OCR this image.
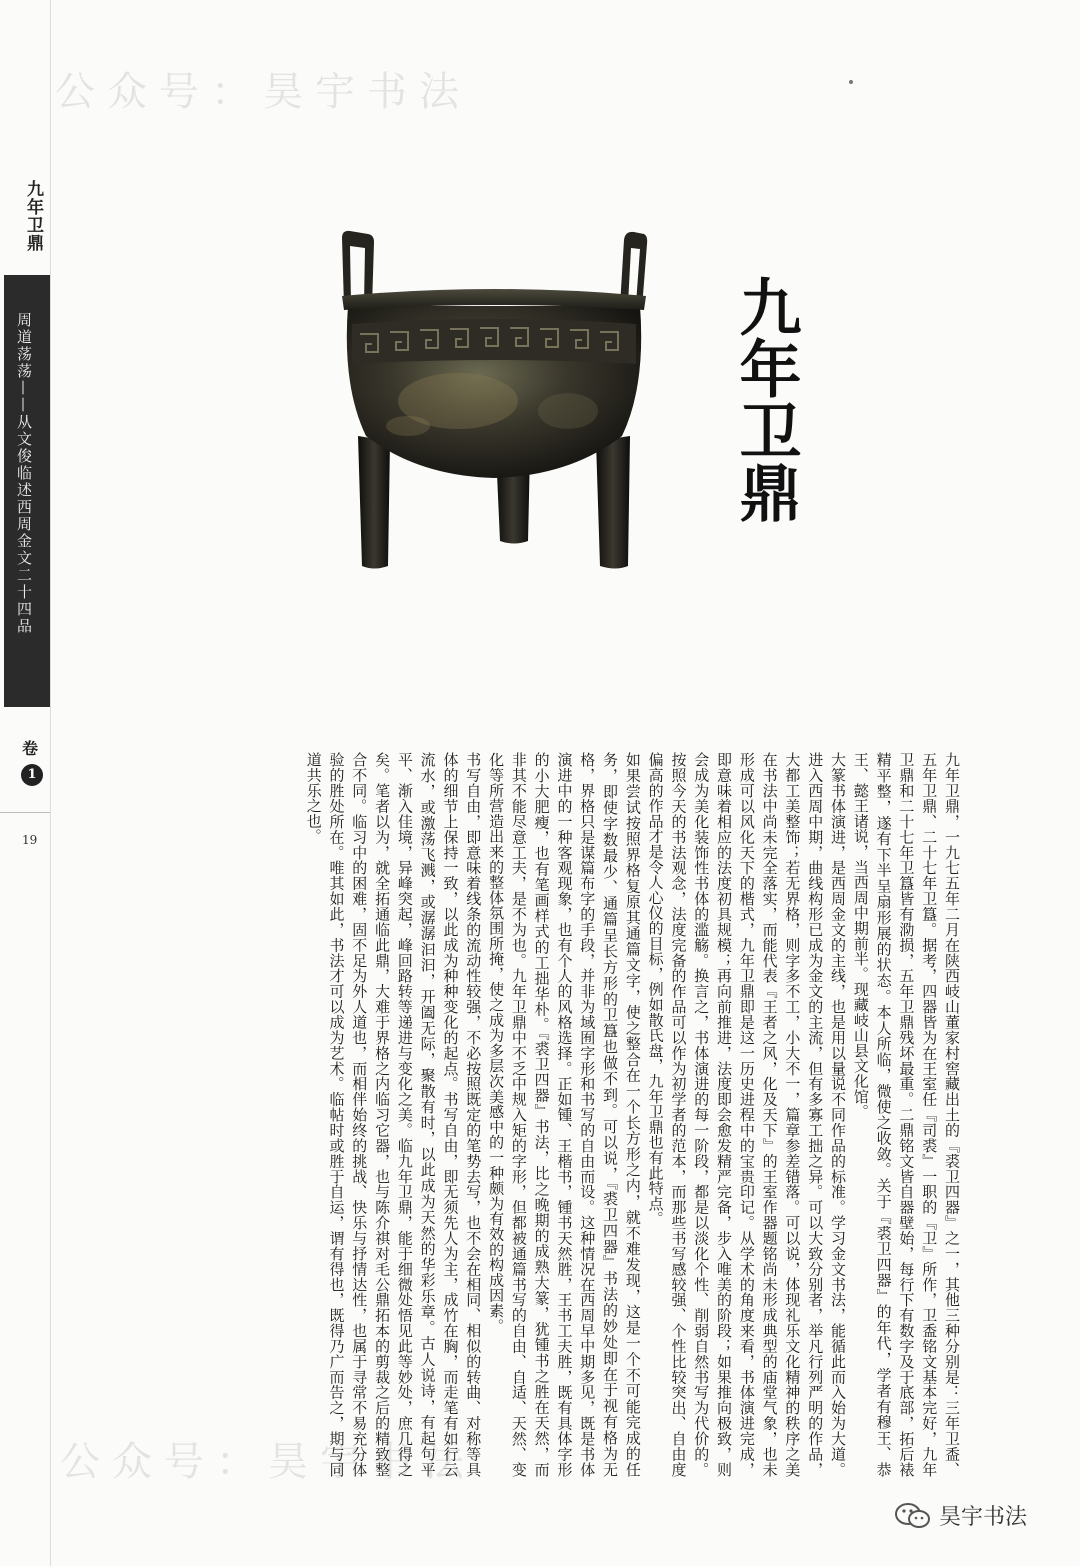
九年卫鼎
周道荡荡——从文俊临述西周金文二十四品
卷
1
19
公众号：昊宇书法
公众号：昊宇书法
九年卫鼎

九年卫鼎，一九七五年二月在陕西岐山董家村窖藏出土的『裘卫四器』之一，其他三种分别是：三年卫盉、五年卫鼎、二十七年卫簋。据考，四器皆为在王室任『司裘』一职的『卫』所作，卫盉铭文基本完好，九年卫鼎和二十七年卫簋皆有泐损，五年卫鼎残坏最重。二鼎铭文皆自器壁始，每行下有数字及于底部，拓后裱精平整，遂有下半呈扇形展的状态。本人所临，微使之收敛。关于『裘卫四器』的年代，学者有穆王、恭王、懿王诸说，当西周中期前半。现藏岐山县文化馆。

大篆书体演进，是西周金文的主线，也是用以量说不同作品的标准。学习金文书法，能循此而入始为大道。进入西周中期，曲线构形已成为金文的主流，但有多寡工拙之异。可以大致分别者，举凡行列严明的作品，大都工美整饰；若无界格，则字多不工，小大不一，篇章参差错落。可以说，体现礼乐文化精神的秩序之美在书法中尚未完全落实，而能代表『王者之风，化及天下』的王室作器题铭尚未形成典型的庙堂气象，也未形成可以风化天下的楷式，九年卫鼎即是这一历史进程中的宝贵印记。从学术的角度来看，书体演进完成，即意味着相应的法度初具规模；再向前推进，法度即会愈发精严完备，步入唯美的阶段；如果推向极致，则会成为美化装饰性书体的滥觞。换言之，书体演进的每一阶段，都是以淡化个性、削弱自然书写为代价的。按照今天的书法观念，法度完备的作品可以作为初学者的范本，而那些书写感较强、个性比较突出、自由度偏高的作品才是令人心仪的目标，例如散氏盘，九年卫鼎也有此特点。

如果尝试按照界格复原其通篇文字，使之整合在一个长方形之内，就不难发现，这是一个不可能完成的任务，即使字数最少、通篇呈长方形的卫簋也做不到。可以说，『裘卫四器』书法的妙处即在于视有格为无格，界格只是谋篇布字的手段，并非为域囿字形和书写的自由而设。这种情况在西周早中期多见，既是书体演进中的一种客观现象，也有个人的风格选择。正如锺、王楷书，锺书天然胜，王书工夫胜，既有具体字形的小大肥瘦，也有笔画样式的工拙华朴。『裘卫四器』书法，比之晚期的成熟大篆，犹锺书之胜在天然，而非其不能尽意工夫，是不为也。九年卫鼎中不乏中规入矩的字形，但都被通篇书写的自由、自适、天然、变化等所营造出来的整体氛围所掩，使之成为多层次美感中的一种颇为有效的构成因素。

书写自由，即意味着线条的流动性较强，不必按照既定的笔势去写，也不会在相同、相似的转曲、对称等具体的细节上保持一致，以此成为种种变化的起点。书写自由，即无须先人为主，成竹在胸，而走笔有如行云流水，或激荡飞溅，或潺潺汩汩，开阖无际，聚散有时，以此成为天然的华彩乐章。古人说诗，有起句平平、渐入佳境，异峰突起，峰回路转等递进与变化之美。临九年卫鼎，能于细微处悟见此等妙处，庶几得之矣。笔者以为，就全拓通临此鼎，大难于界格之内临习它器，也与陈介祺对毛公鼎拓本的剪裁之后的精致整合不同。临习中的困难，固不足为外人道也，而相伴始终的挑战、快乐与抒情达性，也属于寻常不易充分体验的胜处所在。唯其如此，书法才可以成为艺术。临帖时或胜于自运，谓有得也，既得乃广而告之，期与同道共乐之也。

昊宇书法
